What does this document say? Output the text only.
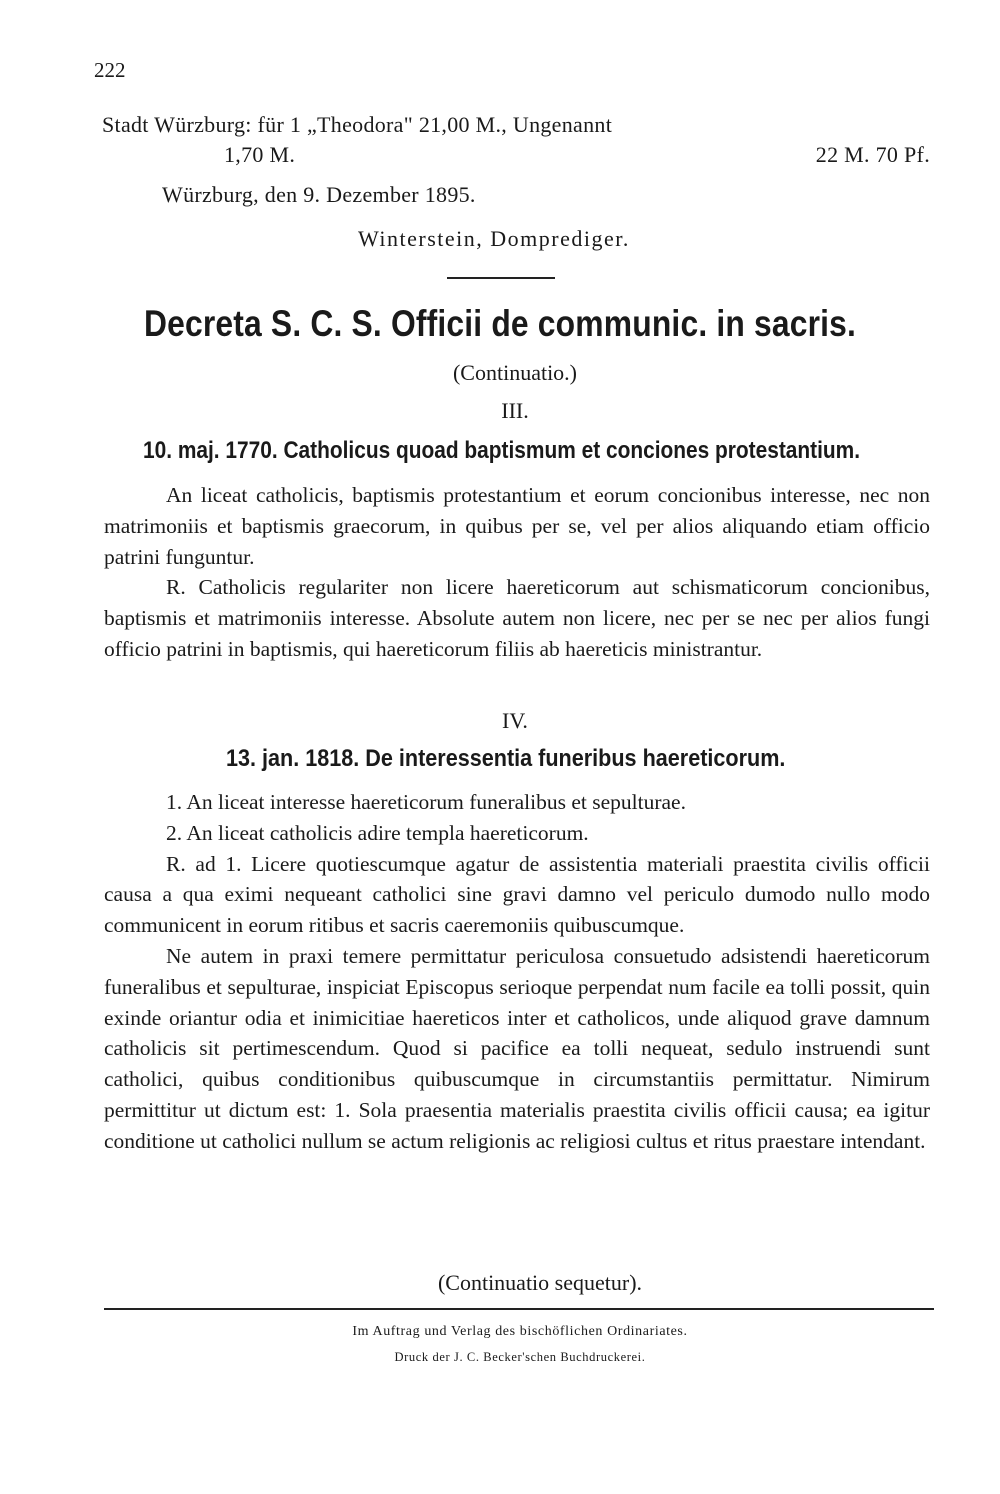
222
Stadt Würzburg: für 1 „Theodora" 21,00 M., Ungenannt
1,70 M.	22 M. 70 Pf.
Würzburg, den 9. Dezember 1895.
Winterstein, Domprediger.
Decreta S. C. S. Officii de communic. in sacris.
(Continuatio.)
III.
10. maj. 1770. Catholicus quoad baptismum et conciones protestantium.

An liceat catholicis, baptismis protestantium et eorum concionibus interesse, nec non matrimoniis et baptismis graecorum, in quibus per se, vel per alios aliquando etiam officio patrini funguntur.

R. Catholicis regulariter non licere haereticorum aut schismaticorum concionibus, baptismis et matrimoniis interesse. Absolute autem non licere, nec per se nec per alios fungi officio patrini in baptismis, qui haereticorum filiis ab haereticis ministrantur.

IV.
13. jan. 1818. De interessentia funeribus haereticorum.

1. An liceat interesse haereticorum funeralibus et sepulturae.

2. An liceat catholicis adire templa haereticorum.

R. ad 1. Licere quotiescumque agatur de assistentia materiali praestita civilis officii causa a qua eximi nequeant catholici sine gravi damno vel periculo dumodo nullo modo communicent in eorum ritibus et sacris caeremoniis quibuscumque.

Ne autem in praxi temere permittatur periculosa consuetudo adsistendi haereticorum funeralibus et sepulturae, inspiciat Episcopus serioque perpendat num facile ea tolli possit, quin exinde oriantur odia et inimicitiae haereticos inter et catholicos, unde aliquod grave damnum catholicis sit pertimescendum. Quod si pacifice ea tolli nequeat, sedulo instruendi sunt catholici, quibus conditionibus quibuscumque in circumstantiis permittatur. Nimirum permittitur ut dictum est: 1. Sola praesentia materialis praestita civilis officii causa; ea igitur conditione ut catholici nullum se actum religionis ac religiosi cultus et ritus praestare intendant.

(Continuatio sequetur).
Im Auftrag und Verlag des bischöflichen Ordinariates.
Druck der J. C. Becker'schen Buchdruckerei.
